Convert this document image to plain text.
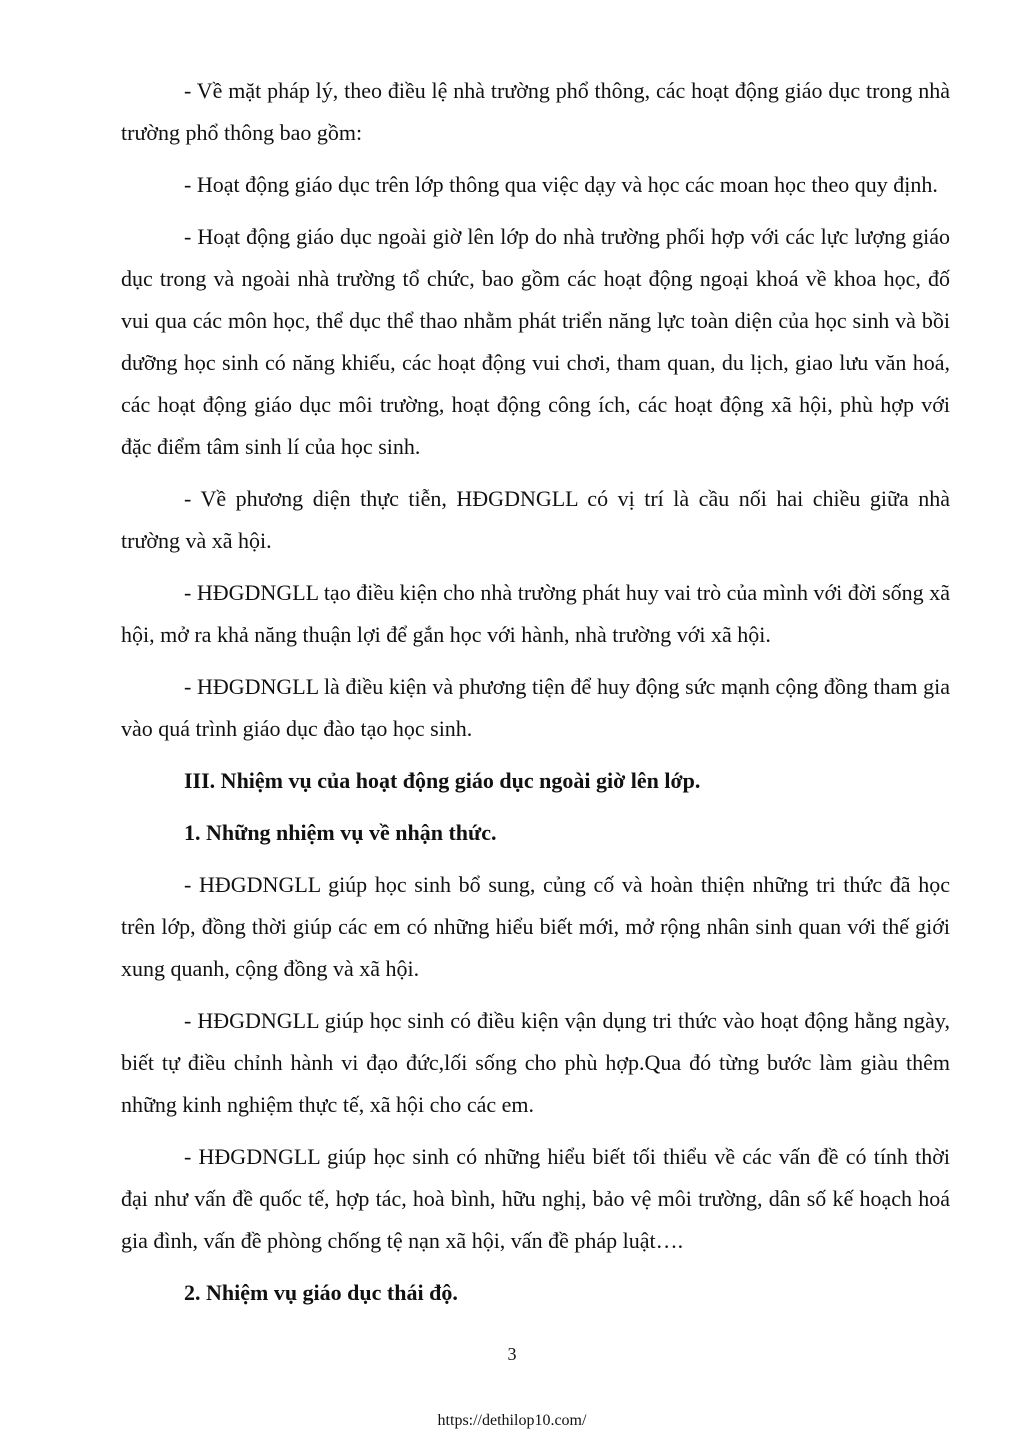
- Về mặt pháp lý, theo điều lệ nhà trường phổ thông, các hoạt động giáo dục trong nhà trường phổ thông bao gồm:

- Hoạt động giáo dục trên lớp thông qua việc dạy và học các moan học theo quy định.

- Hoạt động giáo dục ngoài giờ lên lớp do nhà trường phối hợp với các lực lượng giáo dục trong và ngoài nhà trường tổ chức, bao gồm các hoạt động ngoại khoá về khoa học, đố vui qua các môn học, thể dục thể thao nhằm phát triển năng lực toàn diện của học sinh và bồi dưỡng học sinh có năng khiếu, các hoạt động vui chơi, tham quan, du lịch, giao lưu văn hoá, các hoạt động giáo dục môi trường, hoạt động công ích, các hoạt động xã hội, phù hợp với đặc điểm tâm sinh lí của học sinh.

- Về phương diện thực tiễn, HĐGDNGLL có vị trí là cầu nối hai chiều giữa nhà trường và xã hội.

- HĐGDNGLL tạo điều kiện cho nhà trường phát huy vai trò của mình với đời sống xã hội, mở ra khả năng thuận lợi để gắn học với hành, nhà trường với xã hội.

- HĐGDNGLL là điều kiện và phương tiện để huy động sức mạnh cộng đồng tham gia vào quá trình giáo dục đào tạo học sinh.

III. Nhiệm vụ của hoạt động giáo dục ngoài giờ lên lớp.

1. Những nhiệm vụ về nhận thức.

- HĐGDNGLL giúp học sinh bổ sung, củng cố và hoàn thiện những tri thức đã học trên lớp, đồng thời giúp các em có những hiểu biết mới, mở rộng nhân sinh quan với thế giới xung quanh, cộng đồng và xã hội.

- HĐGDNGLL giúp học sinh có điều kiện vận dụng tri thức vào hoạt động hằng ngày, biết tự điều chỉnh hành vi đạo đức,lối sống cho phù hợp.Qua đó từng bước làm giàu thêm những kinh nghiệm thực tế, xã hội cho các em.

- HĐGDNGLL giúp học sinh có những hiểu biết tối thiểu về các vấn đề có tính thời đại như vấn đề quốc tế, hợp tác, hoà bình, hữu nghị, bảo vệ môi trường, dân số kế hoạch hoá gia đình, vấn đề phòng chống tệ nạn xã hội, vấn đề pháp luật….

2. Nhiệm vụ giáo dục thái độ.

3
https://dethilop10.com/
